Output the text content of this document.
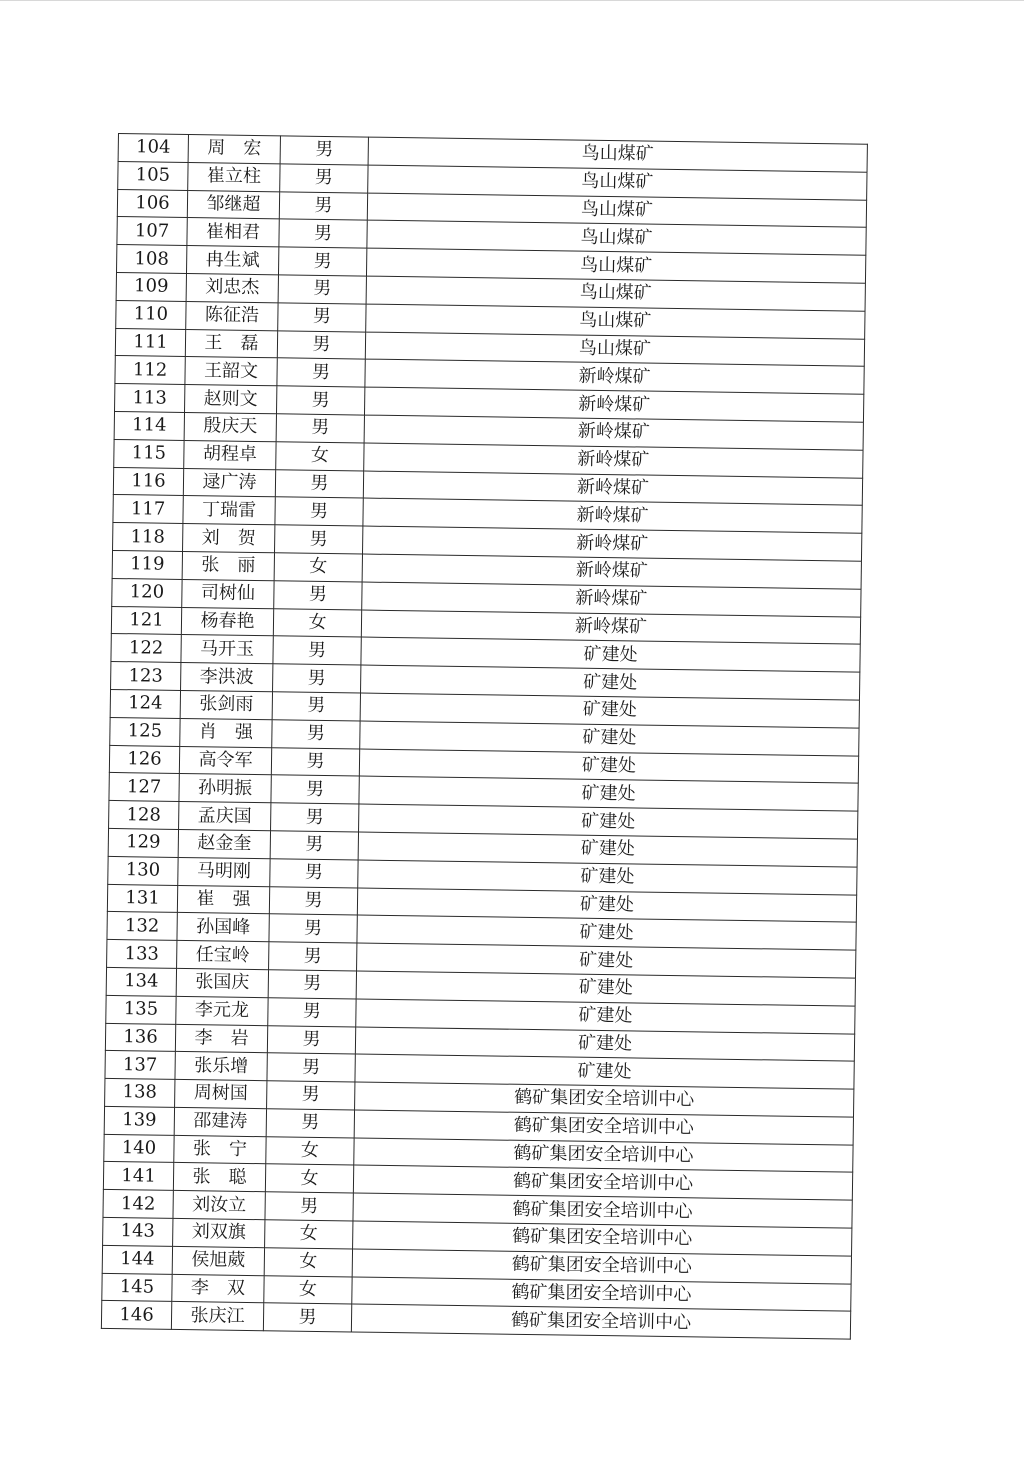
104	周　宏	男	鸟山煤矿
105	崔立柱	男	鸟山煤矿
106	邹继超	男	鸟山煤矿
107	崔相君	男	鸟山煤矿
108	冉生斌	男	鸟山煤矿
109	刘忠杰	男	鸟山煤矿
110	陈征浩	男	鸟山煤矿
111	王　磊	男	鸟山煤矿
112	王韶文	男	新岭煤矿
113	赵则文	男	新岭煤矿
114	殷庆天	男	新岭煤矿
115	胡程卓	女	新岭煤矿
116	逯广涛	男	新岭煤矿
117	丁瑞雷	男	新岭煤矿
118	刘　贺	男	新岭煤矿
119	张　丽	女	新岭煤矿
120	司树仙	男	新岭煤矿
121	杨春艳	女	新岭煤矿
122	马开玉	男	矿建处
123	李洪波	男	矿建处
124	张剑雨	男	矿建处
125	肖　强	男	矿建处
126	高令军	男	矿建处
127	孙明振	男	矿建处
128	孟庆国	男	矿建处
129	赵金奎	男	矿建处
130	马明刚	男	矿建处
131	崔　强	男	矿建处
132	孙国峰	男	矿建处
133	任宝岭	男	矿建处
134	张国庆	男	矿建处
135	李元龙	男	矿建处
136	李　岩	男	矿建处
137	张乐增	男	矿建处
138	周树国	男	鹤矿集团安全培训中心
139	邵建涛	男	鹤矿集团安全培训中心
140	张　宁	女	鹤矿集团安全培训中心
141	张　聪	女	鹤矿集团安全培训中心
142	刘汝立	男	鹤矿集团安全培训中心
143	刘双旗	女	鹤矿集团安全培训中心
144	侯旭葳	女	鹤矿集团安全培训中心
145	李　双	女	鹤矿集团安全培训中心
146	张庆江	男	鹤矿集团安全培训中心
